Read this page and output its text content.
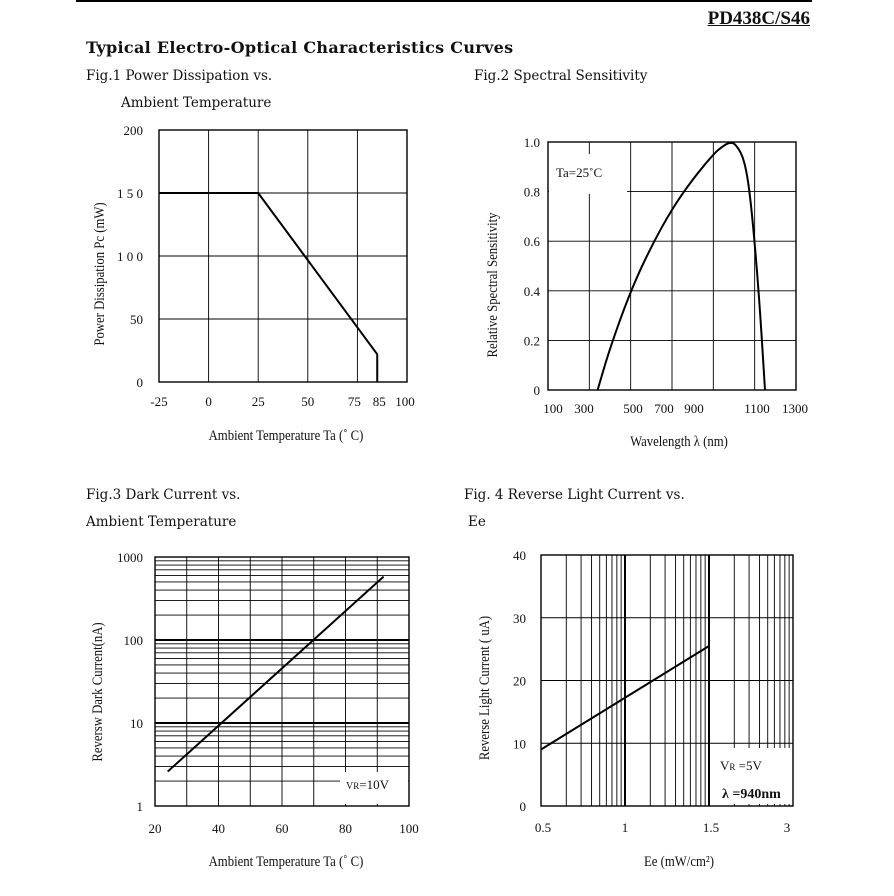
PD438C/S46
Typical Electro-Optical Characteristics Curves
Fig.1 Power Dissipation vs.
Ambient Temperature
Fig.2 Spectral Sensitivity
Fig.3 Dark Current vs.
Ambient Temperature
Fig. 4 Reverse Light Current vs.
Ee
-25	0	25	50	75 85 100
0
50
1 0 0
1 5 0
200
Ambient Temperature Ta (˚ C)
Power Dissipation Pc (mW)
100 300 500 700 900	1100 1300
0
0.2
0.4
0.6
0.8
1.0
Ta=25˚C
Wavelength λ (nm)
Relative Spectral Sensitivity
VR=10V
20	40	60	80	100
1
10
100
1000
Ambient Temperature Ta (˚ C)
Reversw Dark Current(nA)
VR =5V
0.5	1	1.5	3
0
10
20
30
40
λ =940nm
Ee (mW/cm²)
Reverse Light Current ( uA)
